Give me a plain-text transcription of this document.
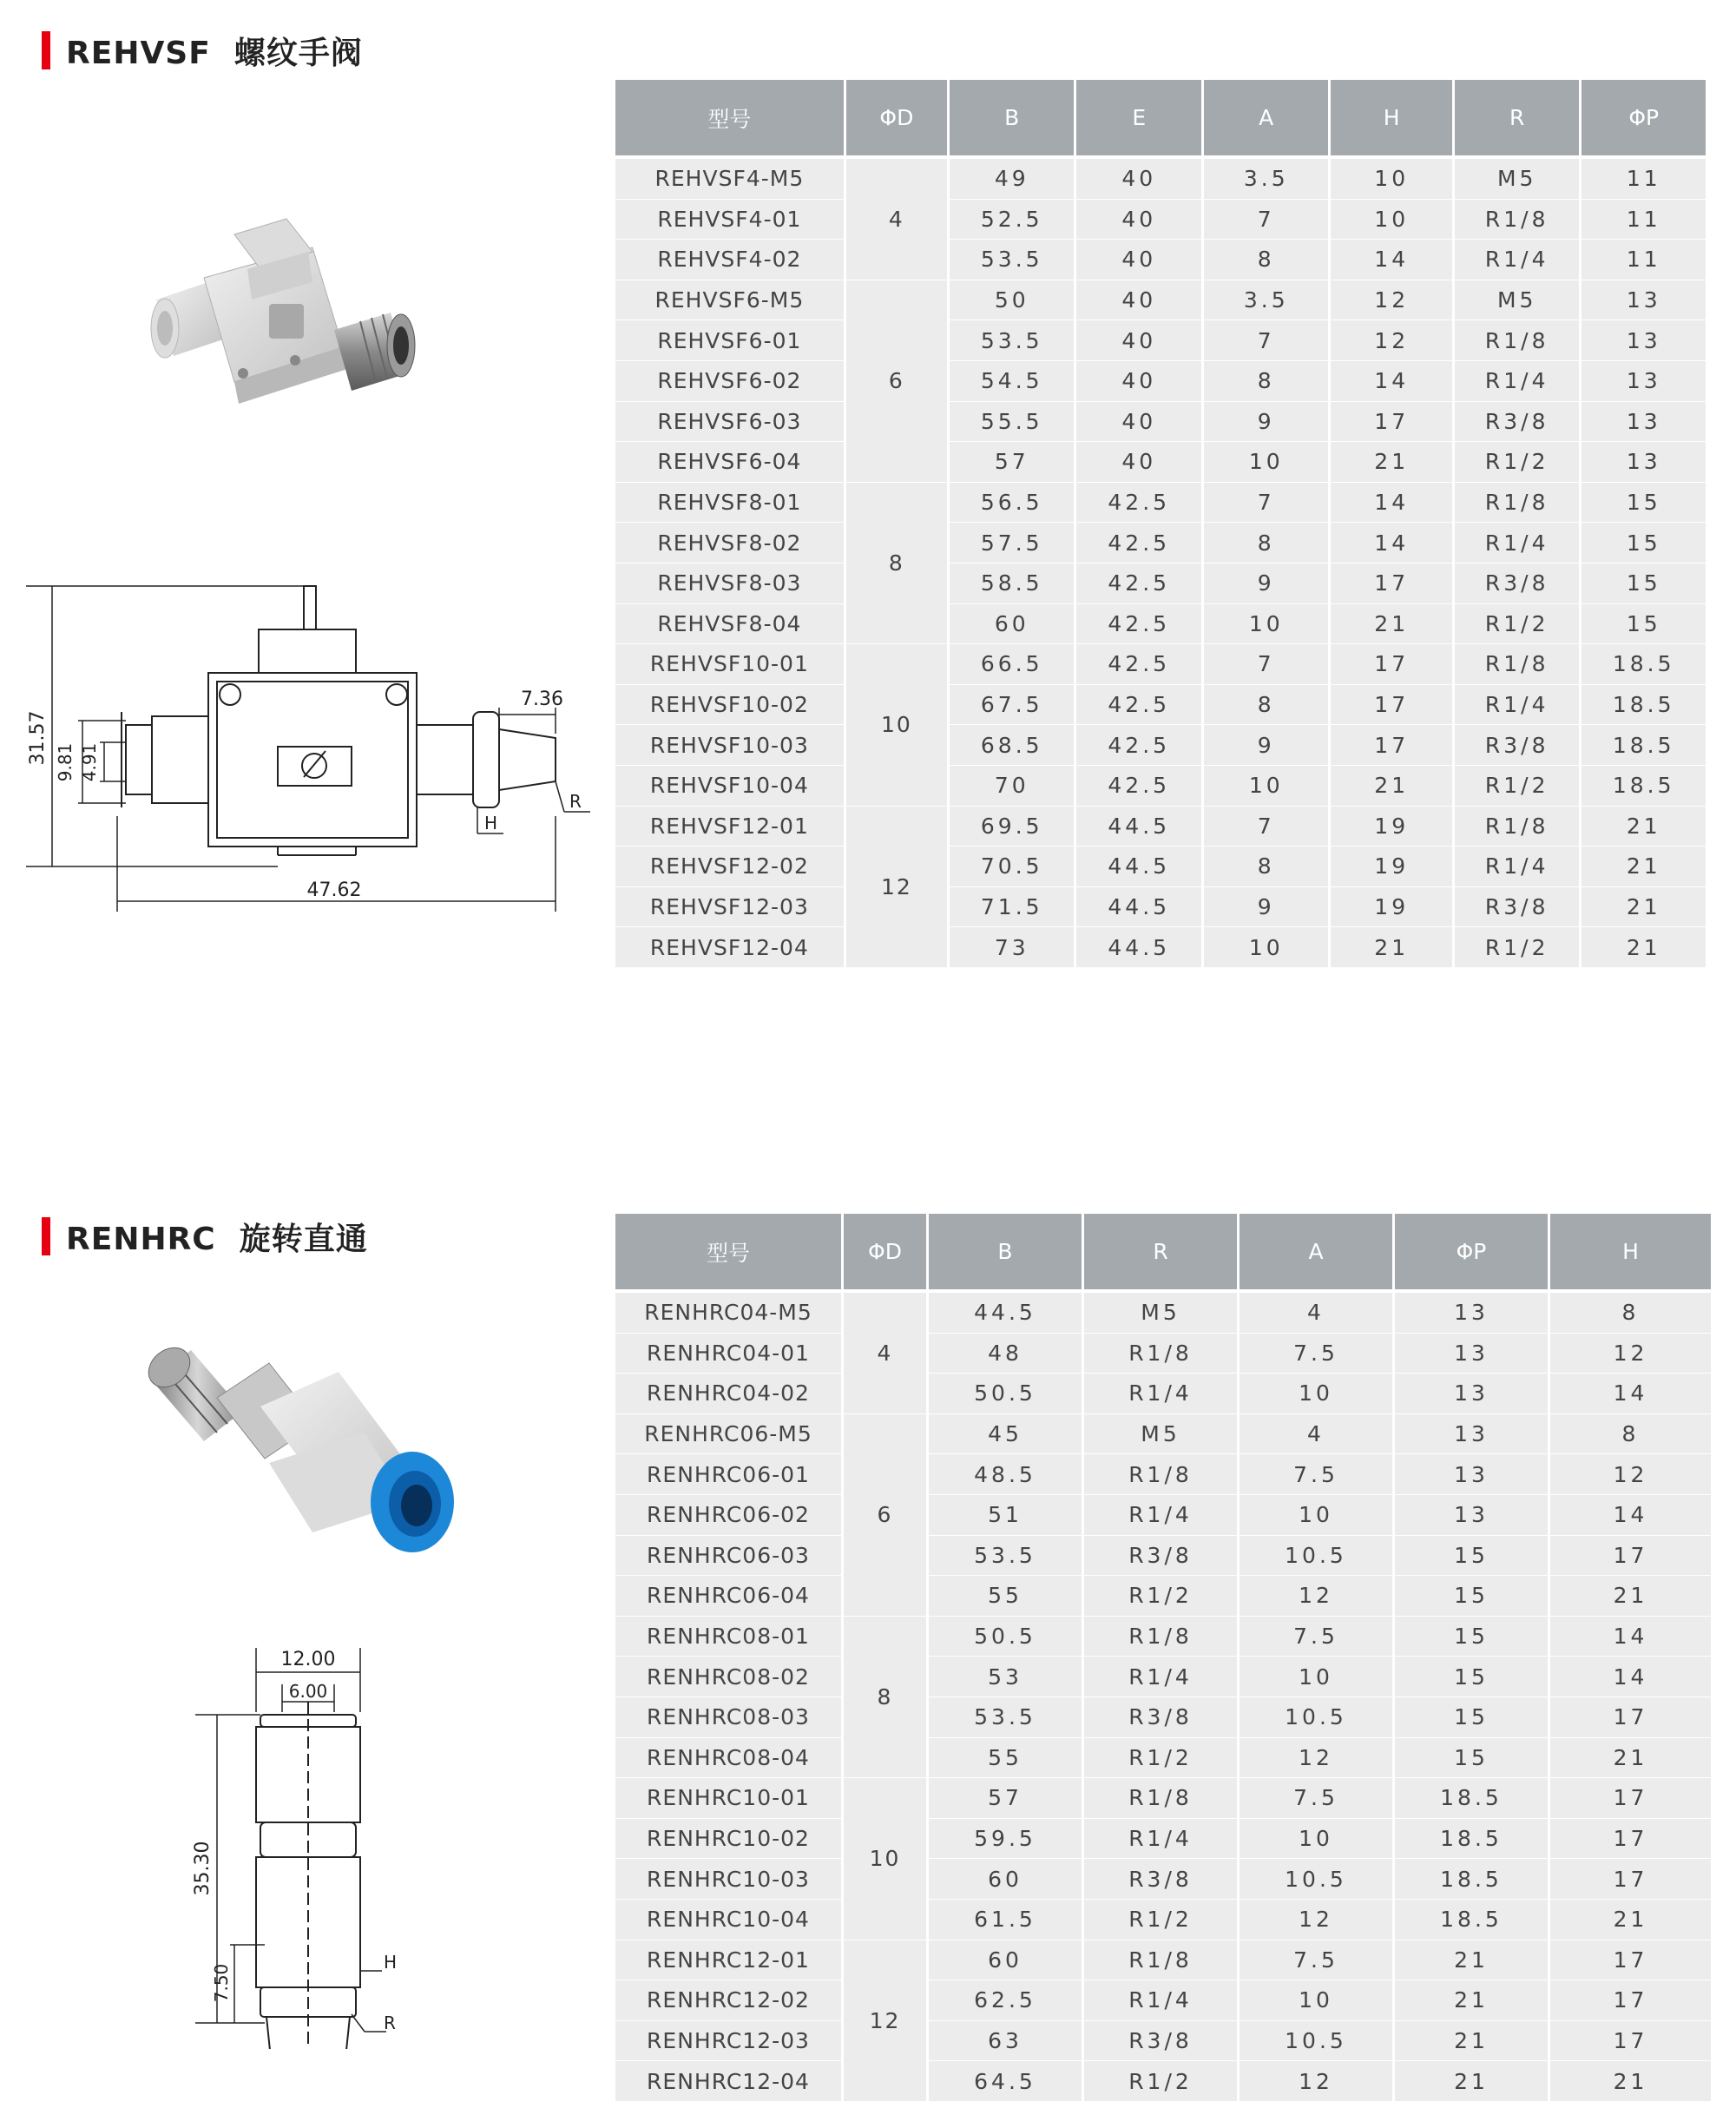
REHVSF 螺纹手阀
31.57 9.81 4.91
7.36
47.62
H
R
型号	ΦD	B	E	A	H	R	ΦP
REHVSF4-M5	4	49	40	3.5	10	M5	11
REHVSF4-01		52.5	40	7	10	R1/8	11
REHVSF4-02		53.5	40	8	14	R1/4	11
REHVSF6-M5	6	50	40	3.5	12	M5	13
REHVSF6-01		53.5	40	7	12	R1/8	13
REHVSF6-02		54.5	40	8	14	R1/4	13
REHVSF6-03		55.5	40	9	17	R3/8	13
REHVSF6-04		57	40	10	21	R1/2	13
REHVSF8-01	8	56.5	42.5	7	14	R1/8	15
REHVSF8-02		57.5	42.5	8	14	R1/4	15
REHVSF8-03		58.5	42.5	9	17	R3/8	15
REHVSF8-04		60	42.5	10	21	R1/2	15
REHVSF10-01	10	66.5	42.5	7	17	R1/8	18.5
REHVSF10-02		67.5	42.5	8	17	R1/4	18.5
REHVSF10-03		68.5	42.5	9	17	R3/8	18.5
REHVSF10-04		70	42.5	10	21	R1/2	18.5
REHVSF12-01	12	69.5	44.5	7	19	R1/8	21
REHVSF12-02		70.5	44.5	8	19	R1/4	21
REHVSF12-03		71.5	44.5	9	19	R3/8	21
REHVSF12-04		73	44.5	10	21	R1/2	21
RENHRC 旋转直通
12.00
6.00
35.30
7.50
H
R
型号	ΦD	B	R	A	ΦP	H
RENHRC04-M5	4	44.5	M5	4	13	8
RENHRC04-01		48	R1/8	7.5	13	12
RENHRC04-02		50.5	R1/4	10	13	14
RENHRC06-M5	6	45	M5	4	13	8
RENHRC06-01		48.5	R1/8	7.5	13	12
RENHRC06-02		51	R1/4	10	13	14
RENHRC06-03		53.5	R3/8	10.5	15	17
RENHRC06-04		55	R1/2	12	15	21
RENHRC08-01	8	50.5	R1/8	7.5	15	14
RENHRC08-02		53	R1/4	10	15	14
RENHRC08-03		53.5	R3/8	10.5	15	17
RENHRC08-04		55	R1/2	12	15	21
RENHRC10-01	10	57	R1/8	7.5	18.5	17
RENHRC10-02		59.5	R1/4	10	18.5	17
RENHRC10-03		60	R3/8	10.5	18.5	17
RENHRC10-04		61.5	R1/2	12	18.5	21
RENHRC12-01	12	60	R1/8	7.5	21	17
RENHRC12-02		62.5	R1/4	10	21	17
RENHRC12-03		63	R3/8	10.5	21	17
RENHRC12-04		64.5	R1/2	12	21	21
